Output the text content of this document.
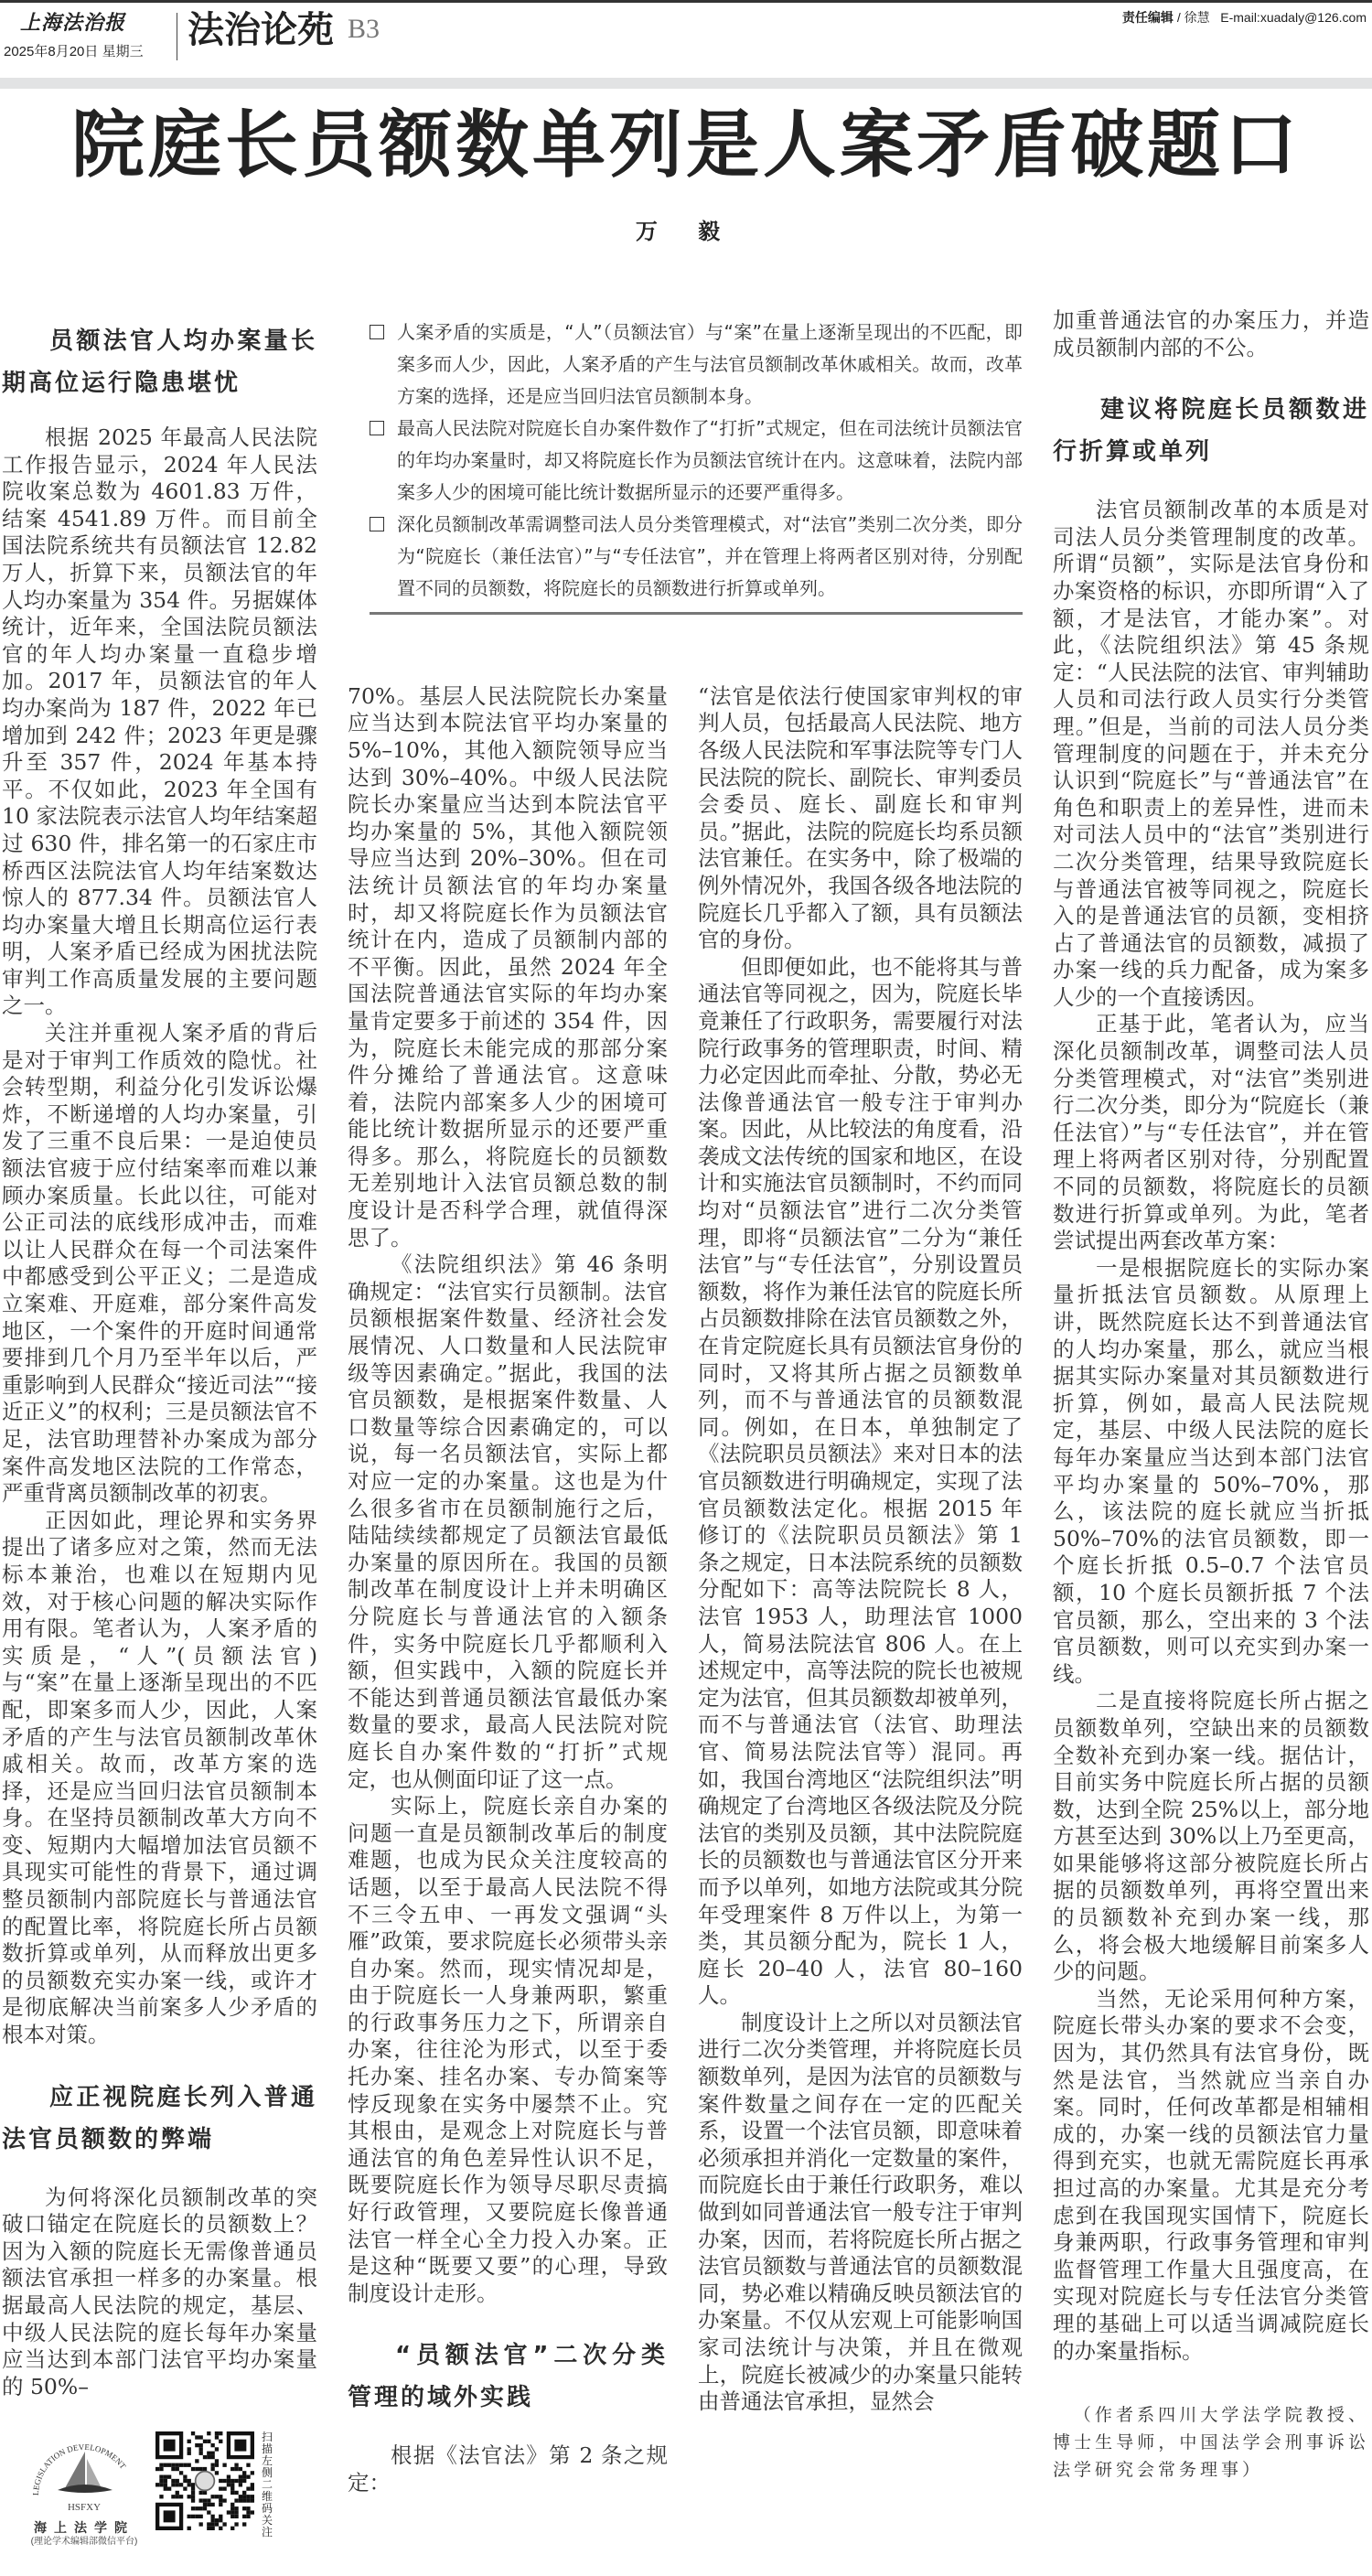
上海法治报
2025年8月20日 星期三
法治论苑 B3	责任编辑 / 徐慧 E-mail:xuadaly@126.com
院庭长员额数单列是人案矛盾破题口
万 毅
员额法官人均办案量长期高位运行隐患堪忧

根据 2025 年最高人民法院工作报告显示，2024 年人民法院收案总数为 4601.83 万件，结案 4541.89 万件。而目前全国法院系统共有员额法官 12.82 万人，折算下来，员额法官的年人均办案量为 354 件。另据媒体统计，近年来，全国法院员额法官的年人均办案量一直稳步增加。2017 年，员额法官的年人均办案尚为 187 件，2022 年已增加到 242 件；2023 年更是骤升至 357 件，2024 年基本持平。不仅如此，2023 年全国有 10 家法院表示法官人均年结案超过 630 件，排名第一的石家庄市桥西区法院法官人均年结案数达惊人的 877.34 件。员额法官人均办案量大增且长期高位运行表明，人案矛盾已经成为困扰法院审判工作高质量发展的主要问题之一。

关注并重视人案矛盾的背后是对于审判工作质效的隐忧。社会转型期，利益分化引发诉讼爆炸，不断递增的人均办案量，引发了三重不良后果：一是迫使员额法官疲于应付结案率而难以兼顾办案质量。长此以往，可能对公正司法的底线形成冲击，而难以让人民群众在每一个司法案件中都感受到公平正义；二是造成立案难、开庭难，部分案件高发地区，一个案件的开庭时间通常要排到几个月乃至半年以后，严重影响到人民群众“接近司法”“接近正义”的权利；三是员额法官不足，法官助理替补办案成为部分案件高发地区法院的工作常态，严重背离员额制改革的初衷。

正因如此，理论界和实务界提出了诸多应对之策，然而无法标本兼治，也难以在短期内见效，对于核心问题的解决实际作用有限。笔者认为，人案矛盾的实质是，“人”(员额法官)与“案”在量上逐渐呈现出的不匹配，即案多而人少，因此，人案矛盾的产生与法官员额制改革休戚相关。故而，改革方案的选择，还是应当回归法官员额制本身。在坚持员额制改革大方向不变、短期内大幅增加法官员额不具现实可能性的背景下，通过调整员额制内部院庭长与普通法官的配置比率，将院庭长所占员额数折算或单列，从而释放出更多的员额数充实办案一线，或许才是彻底解决当前案多人少矛盾的根本对策。

应正视院庭长列入普通法官员额数的弊端

为何将深化员额制改革的突破口锚定在院庭长的员额数上？因为入额的院庭长无需像普通员额法官承担一样多的办案量。根据最高人民法院的规定，基层、中级人民法院的庭长每年办案量应当达到本部门法官平均办案量的 50%–

LEGISLATION DEVELOPMENT
HSFXY
海上法学院
(理论学术编辑部微信平台)
扫描左侧二维码关注
人案矛盾的实质是，“人”（员额法官）与“案”在量上逐渐呈现出的不匹配，即案多而人少，因此，人案矛盾的产生与法官员额制改革休戚相关。故而，改革方案的选择，还是应当回归法官员额制本身。
最高人民法院对院庭长自办案件数作了“打折”式规定，但在司法统计员额法官的年均办案量时，却又将院庭长作为员额法官统计在内。这意味着，法院内部案多人少的困境可能比统计数据所显示的还要严重得多。
深化员额制改革需调整司法人员分类管理模式，对“法官”类别二次分类，即分为“院庭长（兼任法官）”与“专任法官”，并在管理上将两者区别对待，分别配置不同的员额数，将院庭长的员额数进行折算或单列。

70%。基层人民法院院长办案量应当达到本院法官平均办案量的 5%–10%，其他入额院领导应当达到 30%–40%。中级人民法院院长办案量应当达到本院法官平均办案量的 5%，其他入额院领导应当达到 20%–30%。但在司法统计员额法官的年均办案量时，却又将院庭长作为员额法官统计在内，造成了员额制内部的不平衡。因此，虽然 2024 年全国法院普通法官实际的年均办案量肯定要多于前述的 354 件，因为，院庭长未能完成的那部分案件分摊给了普通法官。这意味着，法院内部案多人少的困境可能比统计数据所显示的还要严重得多。那么，将院庭长的员额数无差别地计入法官员额总数的制度设计是否科学合理，就值得深思了。

《法院组织法》第 46 条明确规定：“法官实行员额制。法官员额根据案件数量、经济社会发展情况、人口数量和人民法院审级等因素确定。”据此，我国的法官员额数，是根据案件数量、人口数量等综合因素确定的，可以说，每一名员额法官，实际上都对应一定的办案量。这也是为什么很多省市在员额制施行之后，陆陆续续都规定了员额法官最低办案量的原因所在。我国的员额制改革在制度设计上并未明确区分院庭长与普通法官的入额条件，实务中院庭长几乎都顺利入额，但实践中，入额的院庭长并不能达到普通员额法官最低办案数量的要求，最高人民法院对院庭长自办案件数的“打折”式规定，也从侧面印证了这一点。

实际上，院庭长亲自办案的问题一直是员额制改革后的制度难题，也成为民众关注度较高的话题，以至于最高人民法院不得不三令五申、一再发文强调“头雁”政策，要求院庭长必须带头亲自办案。然而，现实情况却是，由于院庭长一人身兼两职，繁重的行政事务压力之下，所谓亲自办案，往往沦为形式，以至于委托办案、挂名办案、专办简案等悖反现象在实务中屡禁不止。究其根由，是观念上对院庭长与普通法官的角色差异性认识不足，既要院庭长作为领导尽职尽责搞好行政管理，又要院庭长像普通法官一样全心全力投入办案。正是这种“既要又要”的心理，导致制度设计走形。

“员额法官”二次分类管理的域外实践

根据《法官法》第 2 条之规定：

“法官是依法行使国家审判权的审判人员，包括最高人民法院、地方各级人民法院和军事法院等专门人民法院的院长、副院长、审判委员会委员、庭长、副庭长和审判员。”据此，法院的院庭长均系员额法官兼任。在实务中，除了极端的例外情况外，我国各级各地法院的院庭长几乎都入了额，具有员额法官的身份。

但即便如此，也不能将其与普通法官等同视之，因为，院庭长毕竟兼任了行政职务，需要履行对法院行政事务的管理职责，时间、精力必定因此而牵扯、分散，势必无法像普通法官一般专注于审判办案。因此，从比较法的角度看，沿袭成文法传统的国家和地区，在设计和实施法官员额制时，不约而同均对“员额法官”进行二次分类管理，即将“员额法官”二分为“兼任法官”与“专任法官”，分别设置员额数，将作为兼任法官的院庭长所占员额数排除在法官员额数之外，在肯定院庭长具有员额法官身份的同时，又将其所占据之员额数单列，而不与普通法官的员额数混同。例如，在日本，单独制定了《法院职员员额法》来对日本的法官员额数进行明确规定，实现了法官员额数法定化。根据 2015 年修订的《法院职员员额法》第 1 条之规定，日本法院系统的员额数分配如下：高等法院院长 8 人，法官 1953 人，助理法官 1000 人，简易法院法官 806 人。在上述规定中，高等法院的院长也被规定为法官，但其员额数却被单列，而不与普通法官（法官、助理法官、简易法院法官等）混同。再如，我国台湾地区“法院组织法”明确规定了台湾地区各级法院及分院法官的类别及员额，其中法院院庭长的员额数也与普通法官区分开来而予以单列，如地方法院或其分院年受理案件 8 万件以上，为第一类，其员额分配为，院长 1 人，庭长 20–40 人，法官 80–160 人。

制度设计上之所以对员额法官进行二次分类管理，并将院庭长员额数单列，是因为法官的员额数与案件数量之间存在一定的匹配关系，设置一个法官员额，即意味着必须承担并消化一定数量的案件，而院庭长由于兼任行政职务，难以做到如同普通法官一般专注于审判办案，因而，若将院庭长所占据之法官员额数与普通法官的员额数混同，势必难以精确反映员额法官的办案量。不仅从宏观上可能影响国家司法统计与决策，并且在微观上，院庭长被减少的办案量只能转由普通法官承担，显然会

加重普通法官的办案压力，并造成员额制内部的不公。

建议将院庭长员额数进行折算或单列

法官员额制改革的本质是对司法人员分类管理制度的改革。所谓“员额”，实际是法官身份和办案资格的标识，亦即所谓“入了额，才是法官，才能办案”。对此，《法院组织法》第 45 条规定：“人民法院的法官、审判辅助人员和司法行政人员实行分类管理。”但是，当前的司法人员分类管理制度的问题在于，并未充分认识到“院庭长”与“普通法官”在角色和职责上的差异性，进而未对司法人员中的“法官”类别进行二次分类管理，结果导致院庭长与普通法官被等同视之，院庭长入的是普通法官的员额，变相挤占了普通法官的员额数，减损了办案一线的兵力配备，成为案多人少的一个直接诱因。

正基于此，笔者认为，应当深化员额制改革，调整司法人员分类管理模式，对“法官”类别进行二次分类，即分为“院庭长（兼任法官）”与“专任法官”，并在管理上将两者区别对待，分别配置不同的员额数，将院庭长的员额数进行折算或单列。为此，笔者尝试提出两套改革方案：

一是根据院庭长的实际办案量折抵法官员额数。从原理上讲，既然院庭长达不到普通法官的人均办案量，那么，就应当根据其实际办案量对其员额数进行折算，例如，最高人民法院规定，基层、中级人民法院的庭长每年办案量应当达到本部门法官平均办案量的 50%–70%，那么，该法院的庭长就应当折抵 50%–70%的法官员额数，即一个庭长折抵 0.5–0.7 个法官员额，10 个庭长员额折抵 7 个法官员额，那么，空出来的 3 个法官员额数，则可以充实到办案一线。

二是直接将院庭长所占据之员额数单列，空缺出来的员额数全数补充到办案一线。据估计，目前实务中院庭长所占据的员额数，达到全院 25%以上，部分地方甚至达到 30%以上乃至更高，如果能够将这部分被院庭长所占据的员额数单列，再将空置出来的员额数补充到办案一线，那么，将会极大地缓解目前案多人少的问题。

当然，无论采用何种方案，院庭长带头办案的要求不会变，因为，其仍然具有法官身份，既然是法官，当然就应当亲自办案。同时，任何改革都是相辅相成的，办案一线的员额法官力量得到充实，也就无需院庭长再承担过高的办案量。尤其是充分考虑到在我国现实国情下，院庭长身兼两职，行政事务管理和审判监督管理工作量大且强度高，在实现对院庭长与专任法官分类管理的基础上可以适当调减院庭长的办案量指标。

（作者系四川大学法学院教授、博士生导师，中国法学会刑事诉讼法学研究会常务理事）
